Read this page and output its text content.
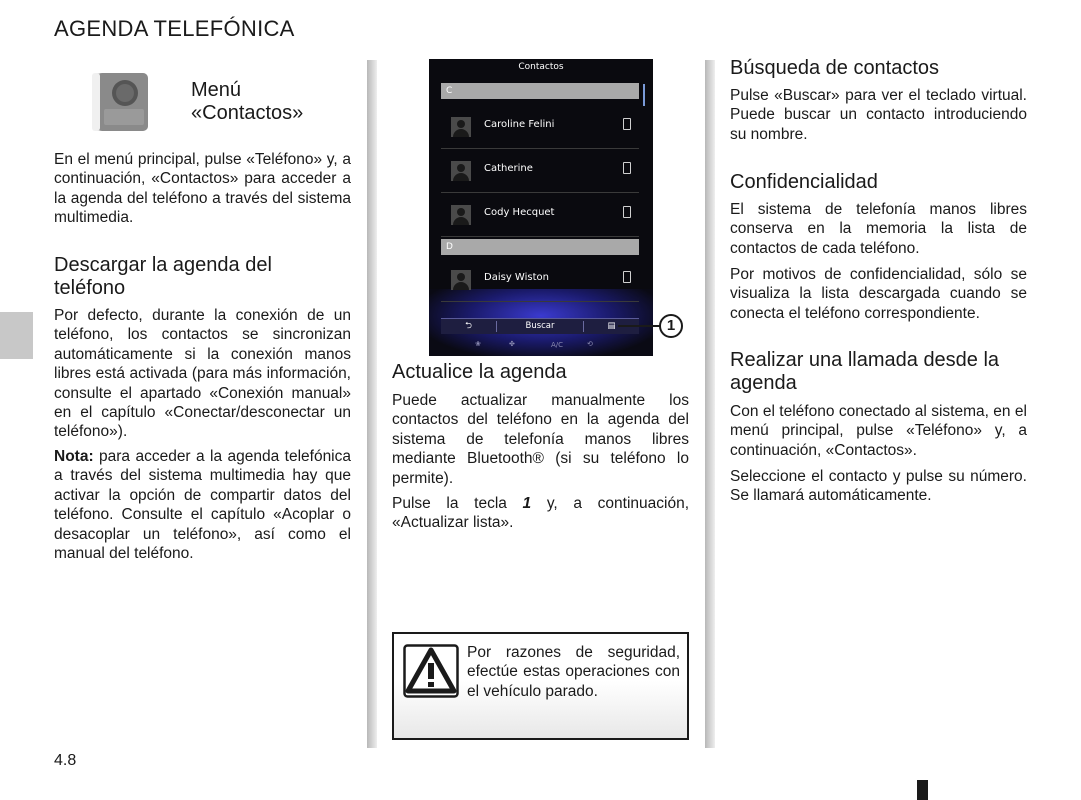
AGENDA TELEFÓNICA
4.8
Menú
«Contactos»

En el menú principal, pulse «Teléfono» y, a continuación, «Contactos» para acceder a la agenda del teléfono a través del sistema multimedia.

Descargar la agenda del
teléfono

Por defecto, durante la conexión de un teléfono, los contactos se sincronizan automáticamente si la conexión manos libres está activada (para más información, consulte el apartado «Conexión manual» en el capítulo «Conectar/desconectar un teléfono»).

Nota: para acceder a la agenda telefónica a través del sistema multimedia hay que activar la opción de compartir datos del teléfono. Consulte el capítulo «Acoplar o desacoplar un teléfono», así como el manual del teléfono.

Contactos
C
Caroline Felini
Catherine
Cody Hecquet
D
Daisy Wiston
⮌	Buscar	▤
❀	✤	A/C	⟲
1
Actualice la agenda

Puede actualizar manualmente los contactos del teléfono en la agenda del sistema de telefonía manos libres mediante Bluetooth® (si su teléfono lo permite).

Pulse la tecla 1 y, a continuación, «Actualizar lista».

Por razones de seguridad, efectúe estas operaciones con el vehículo parado.
Búsqueda de contactos

Pulse «Buscar» para ver el teclado virtual. Puede buscar un contacto introduciendo su nombre.

Confidencialidad

El sistema de telefonía manos libres conserva en la memoria la lista de contactos de cada teléfono.

Por motivos de confidencialidad, sólo se visualiza la lista descargada cuando se conecta el teléfono correspondiente.

Realizar una llamada desde la agenda

Con el teléfono conectado al sistema, en el menú principal, pulse «Teléfono» y, a continuación, «Contactos».

Seleccione el contacto y pulse su número. Se llamará automáticamente.
